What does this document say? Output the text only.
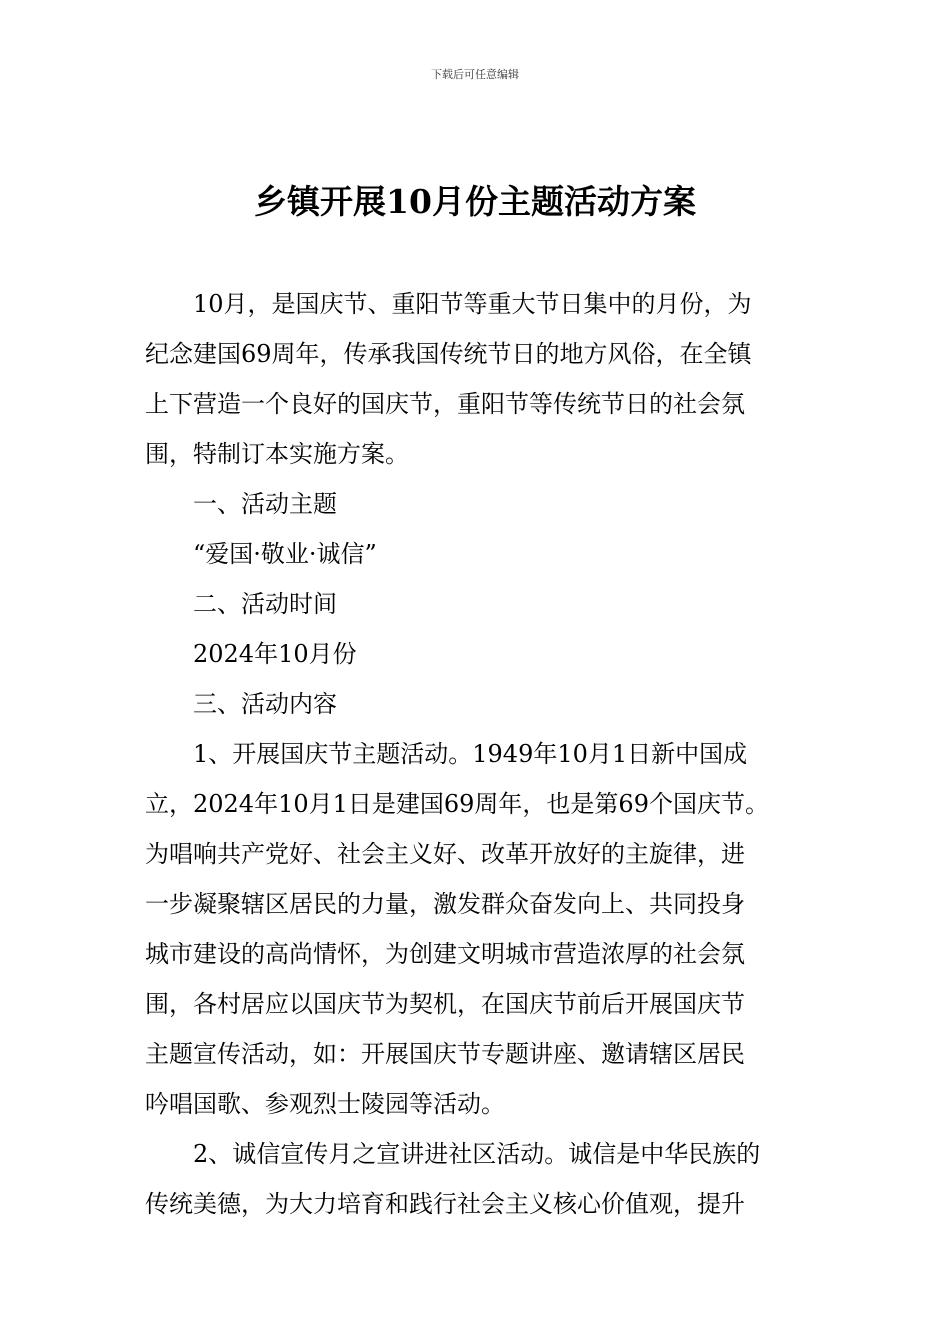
下载后可任意编辑
乡镇开展10月份主题活动方案
10月，是国庆节、重阳节等重大节日集中的月份，为
纪念建国69周年，传承我国传统节日的地方风俗，在全镇
上下营造一个良好的国庆节，重阳节等传统节日的社会氛
围，特制订本实施方案。
一、活动主题
“爱国·敬业·诚信”
二、活动时间
2024年10月份
三、活动内容
1、开展国庆节主题活动。1949年10月1日新中国成
立，2024年10月1日是建国69周年，也是第69个国庆节。
为唱响共产党好、社会主义好、改革开放好的主旋律，进
一步凝聚辖区居民的力量，激发群众奋发向上、共同投身
城市建设的高尚情怀，为创建文明城市营造浓厚的社会氛
围，各村居应以国庆节为契机，在国庆节前后开展国庆节
主题宣传活动，如：开展国庆节专题讲座、邀请辖区居民
吟唱国歌、参观烈士陵园等活动。
2、诚信宣传月之宣讲进社区活动。诚信是中华民族的
传统美德，为大力培育和践行社会主义核心价值观，提升
